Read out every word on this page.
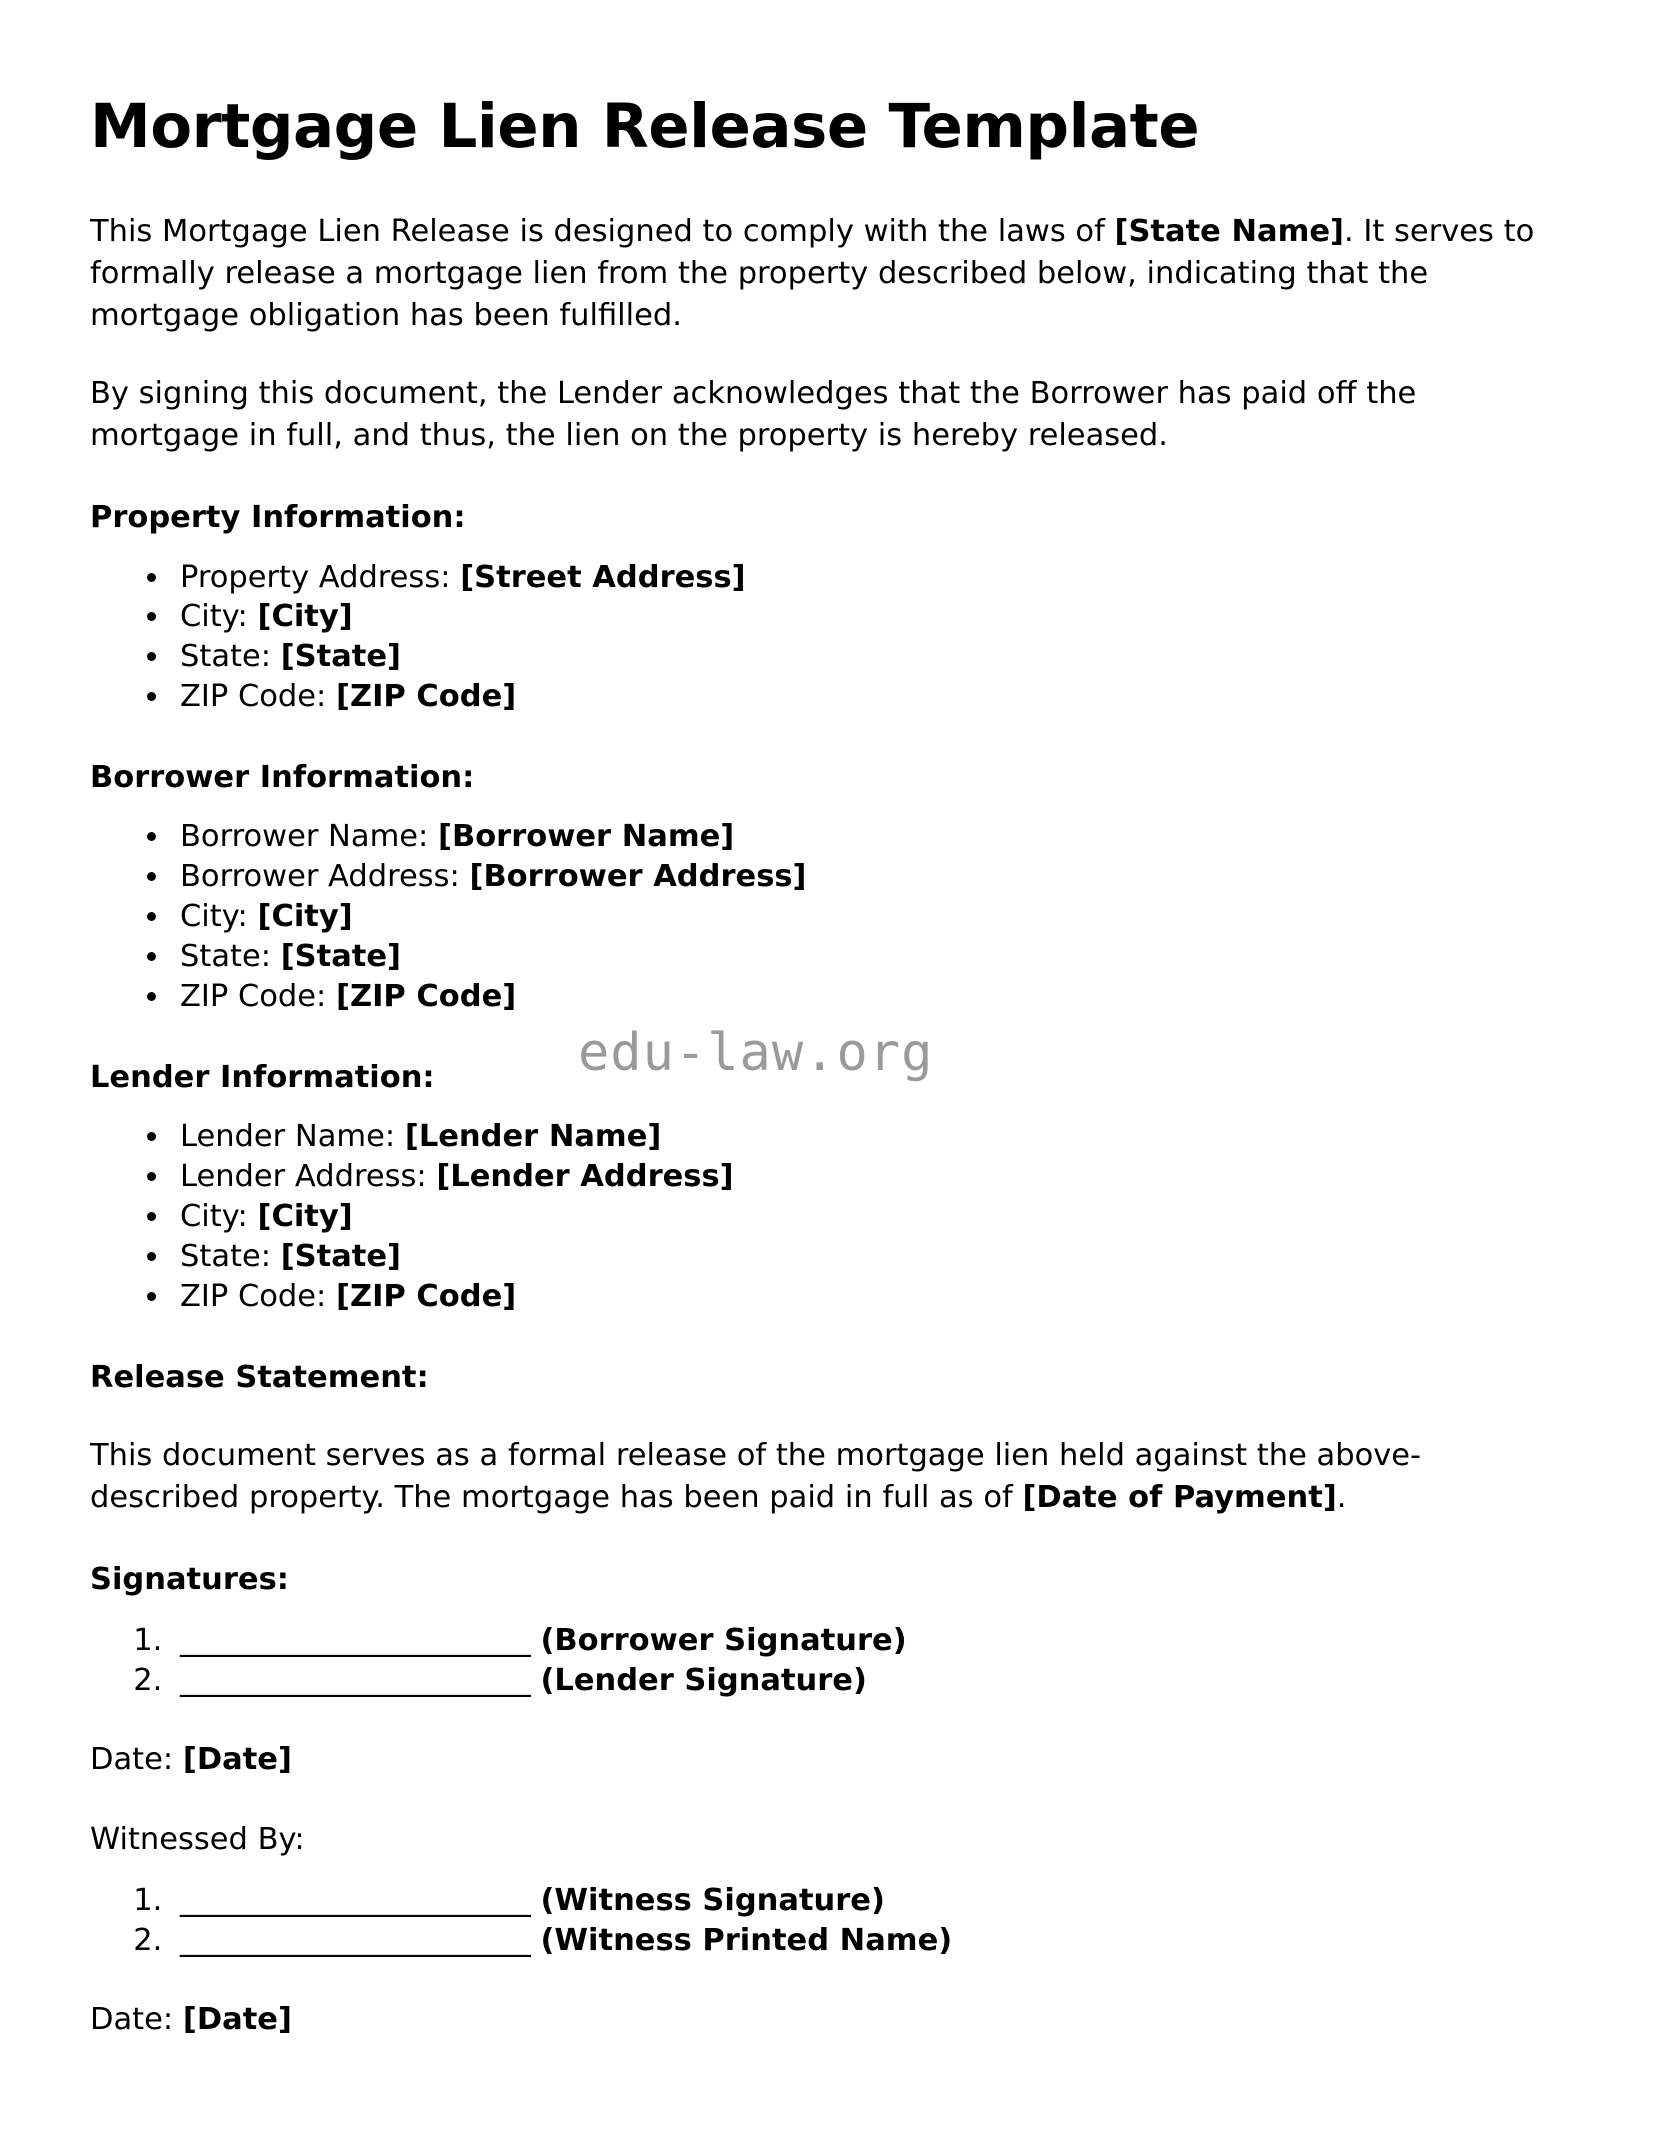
Mortgage Lien Release Template

This Mortgage Lien Release is designed to comply with the laws of [State Name]. It serves to formally release a mortgage lien from the property described below, indicating that the mortgage obligation has been fulfilled.

By signing this document, the Lender acknowledges that the Borrower has paid off the mortgage in full, and thus, the lien on the property is hereby released.

Property Information:
• Property Address: [Street Address]
• City: [City]
• State: [State]
• ZIP Code: [ZIP Code]
Borrower Information:
• Borrower Name: [Borrower Name]
• Borrower Address: [Borrower Address]
• City: [City]
• State: [State]
• ZIP Code: [ZIP Code]
Lender Information:
• Lender Name: [Lender Name]
• Lender Address: [Lender Address]
• City: [City]
• State: [State]
• ZIP Code: [ZIP Code]
Release Statement:

This document serves as a formal release of the mortgage lien held against the above-described property. The mortgage has been paid in full as of [Date of Payment].

Signatures:
1. _______________________ (Borrower Signature)
2. _______________________ (Lender Signature)

Date: [Date]

Witnessed By:

1. _______________________ (Witness Signature)
2. _______________________ (Witness Printed Name)

Date: [Date]

edu-law.org
